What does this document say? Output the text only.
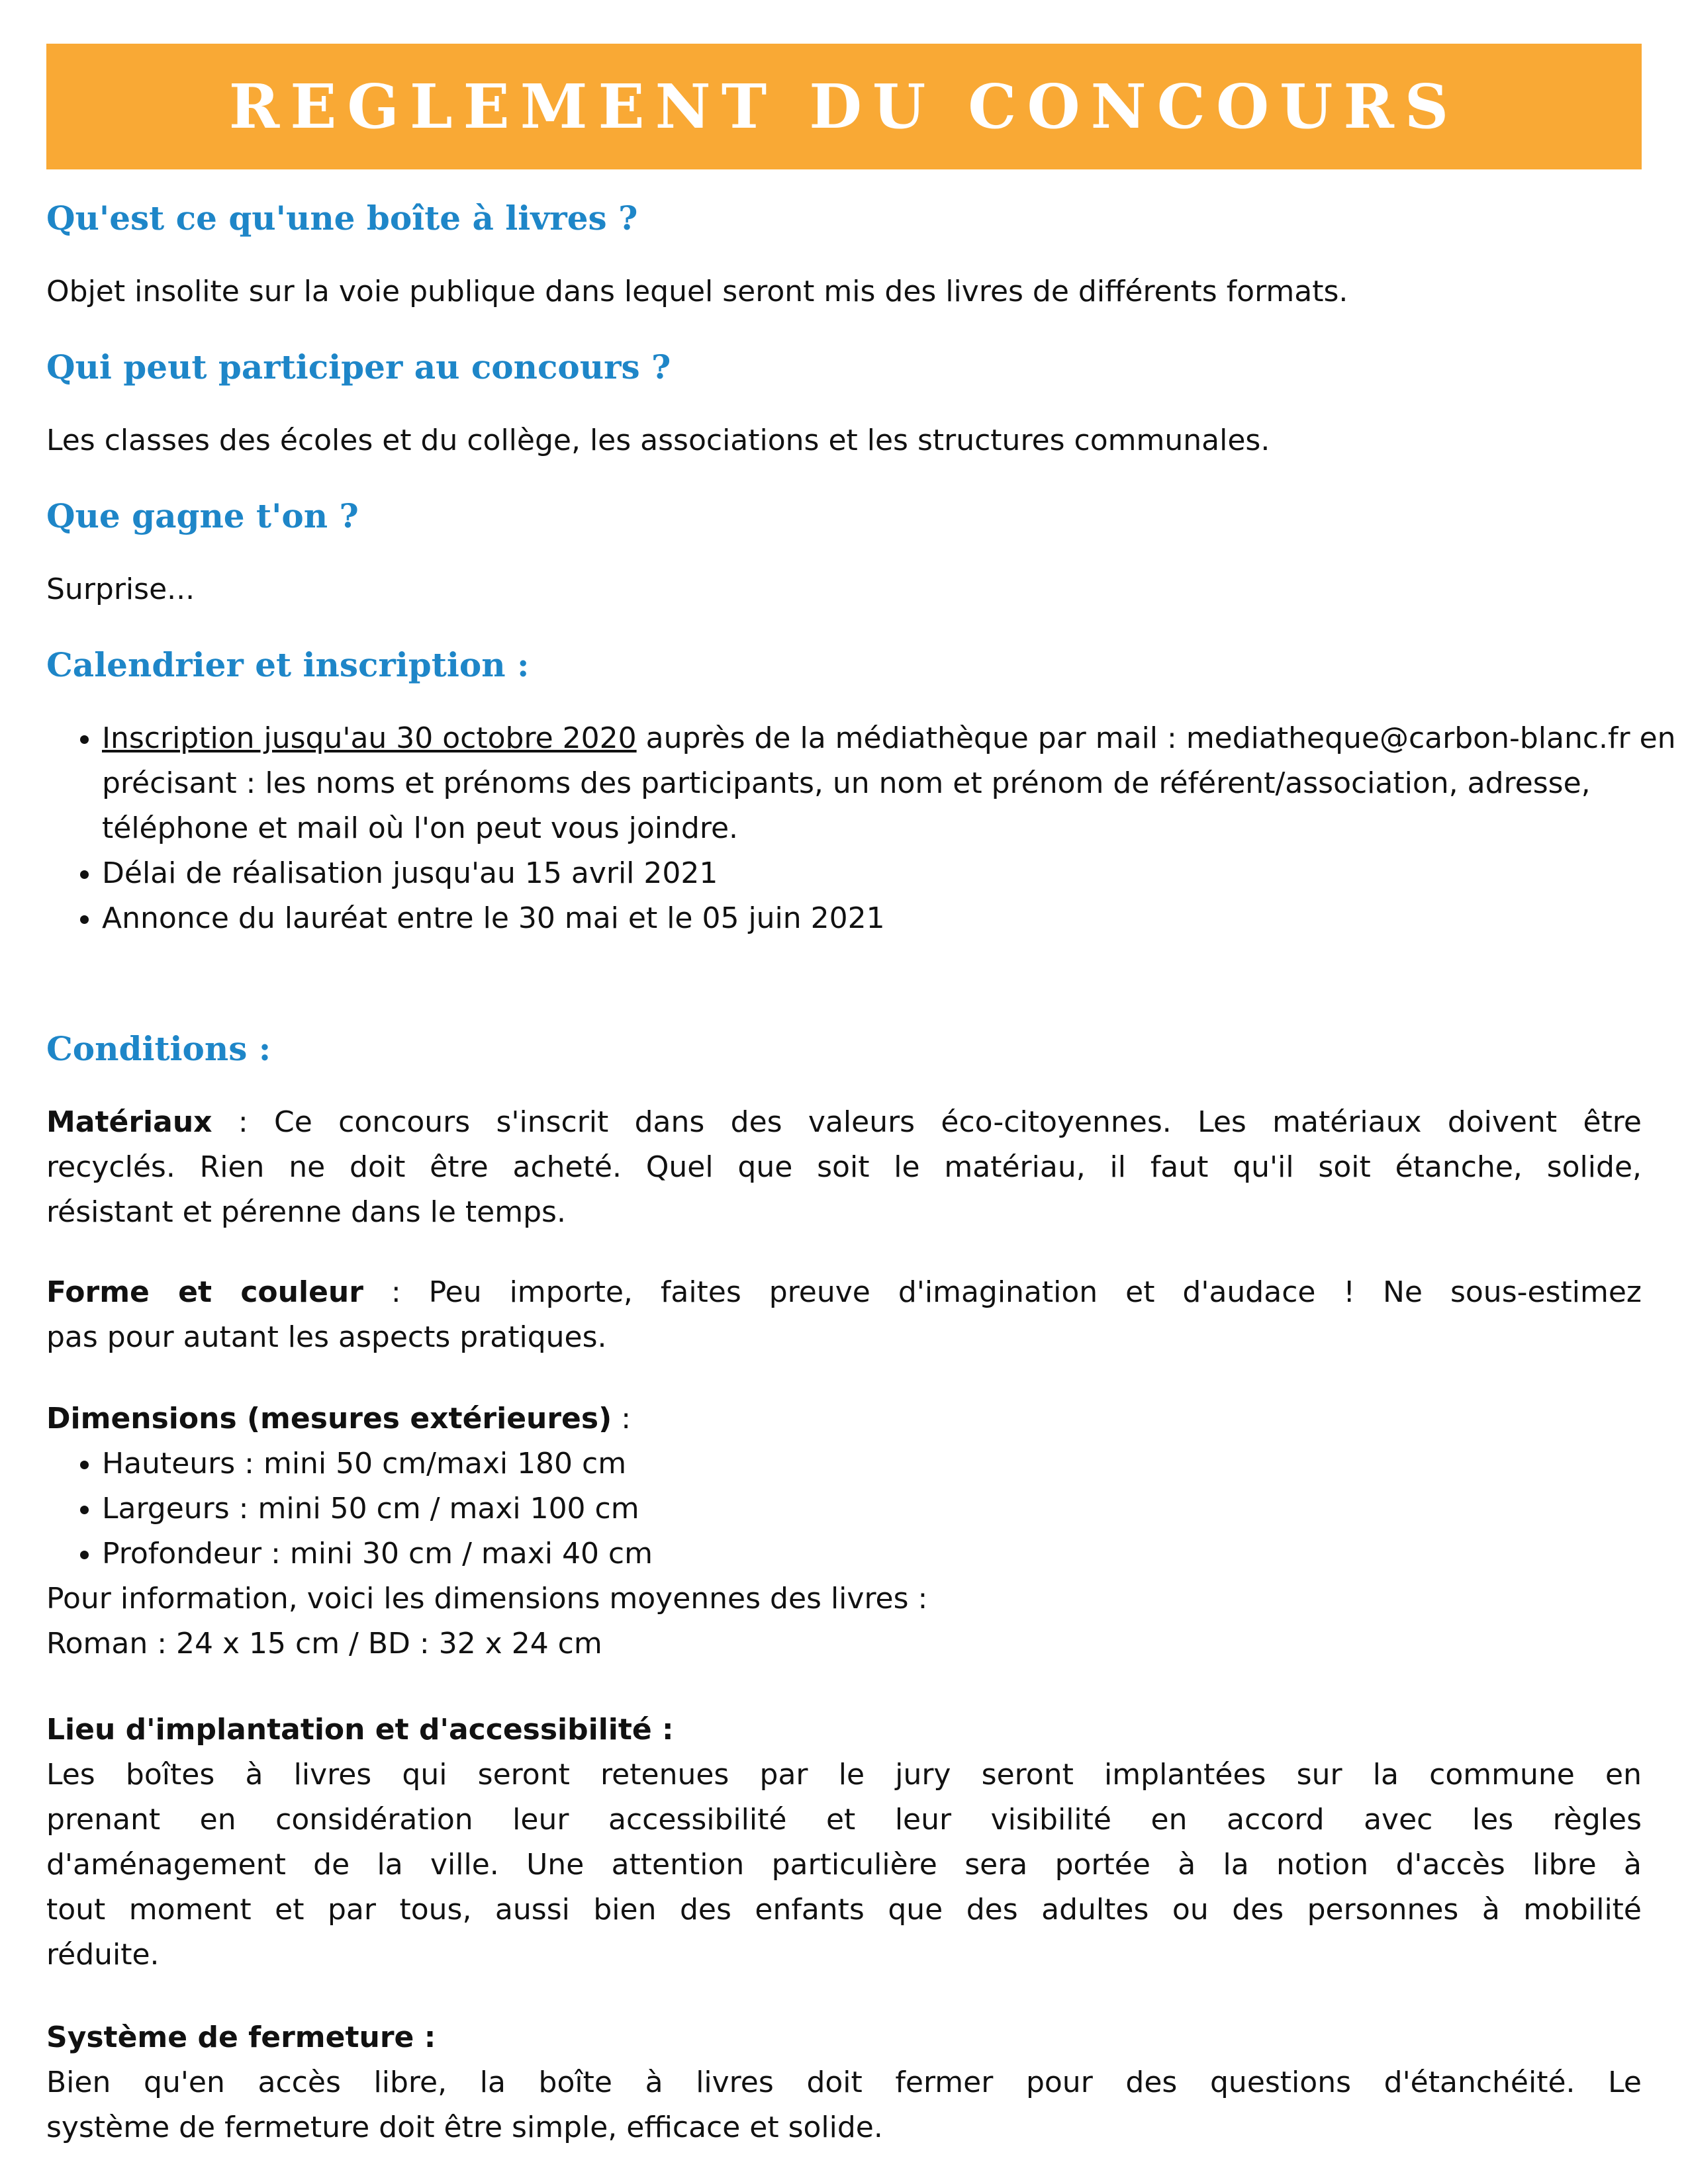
REGLEMENT DU CONCOURS
Qu'est ce qu'une boîte à livres ?

Objet insolite sur la voie publique dans lequel seront mis des livres de différents formats.

Qui peut participer au concours ?

Les classes des écoles et du collège, les associations et les structures communales.

Que gagne t'on ?

Surprise...

Calendrier et inscription :
• Inscription jusqu'au 30 octobre 2020 auprès de la médiathèque par mail : mediatheque@carbon-blanc.fr en précisant : les noms et prénoms des participants, un nom et prénom de référent/association, adresse, téléphone et mail où l'on peut vous joindre.
• Délai de réalisation jusqu'au 15 avril 2021
• Annonce du lauréat entre le 30 mai et le 05 juin 2021
Conditions :
Matériaux : Ce concours s'inscrit dans des valeurs éco-citoyennes. Les matériaux doivent être
recyclés. Rien ne doit être acheté. Quel que soit le matériau, il faut qu'il soit étanche, solide,
résistant et pérenne dans le temps.
Forme et couleur : Peu importe, faites preuve d'imagination et d'audace ! Ne sous-estimez
pas pour autant les aspects pratiques.

Dimensions (mesures extérieures) :

• Hauteurs : mini 50 cm/maxi 180 cm
• Largeurs : mini 50 cm / maxi 100 cm
• Profondeur : mini 30 cm / maxi 40 cm

Pour information, voici les dimensions moyennes des livres :

Roman : 24 x 15 cm / BD : 32 x 24 cm

Lieu d'implantation et d'accessibilité :

Les boîtes à livres qui seront retenues par le jury seront implantées sur la commune en
prenant en considération leur accessibilité et leur visibilité en accord avec les règles
d'aménagement de la ville. Une attention particulière sera portée à la notion d'accès libre à
tout moment et par tous, aussi bien des enfants que des adultes ou des personnes à mobilité
réduite.

Système de fermeture :

Bien qu'en accès libre, la boîte à livres doit fermer pour des questions d'étanchéité. Le
système de fermeture doit être simple, efficace et solide.
